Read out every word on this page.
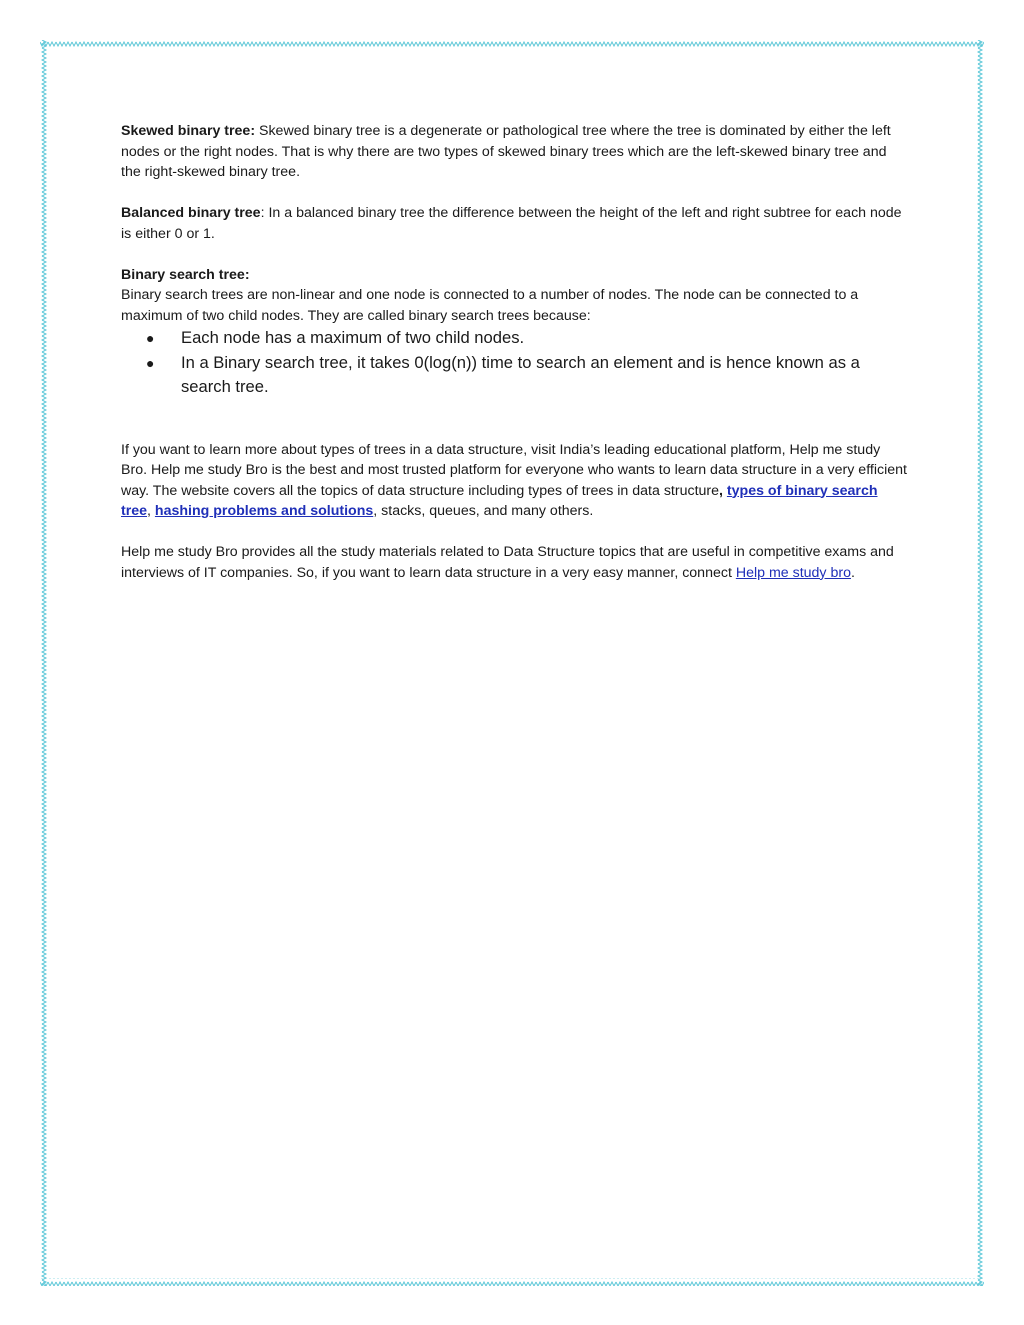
Skewed binary tree: Skewed binary tree is a degenerate or pathological tree where the tree is dominated by either the left nodes or the right nodes. That is why there are two types of skewed binary trees which are the left-skewed binary tree and the right-skewed binary tree.

Balanced binary tree: In a balanced binary tree the difference between the height of the left and right subtree for each node is either 0 or 1.

Binary search tree:

Binary search trees are non-linear and one node is connected to a number of nodes. The node can be connected to a maximum of two child nodes. They are called binary search trees because:

● Each node has a maximum of two child nodes.
● In a Binary search tree, it takes 0(log(n)) time to search an element and is hence known as a search tree.

If you want to learn more about types of trees in a data structure, visit India’s leading educational platform, Help me study Bro. Help me study Bro is the best and most trusted platform for everyone who wants to learn data structure in a very efficient way. The website covers all the topics of data structure including types of trees in data structure, types of binary search tree, hashing problems and solutions, stacks, queues, and many others.

Help me study Bro provides all the study materials related to Data Structure topics that are useful in competitive exams and interviews of IT companies. So, if you want to learn data structure in a very easy manner, connect Help me study bro.
